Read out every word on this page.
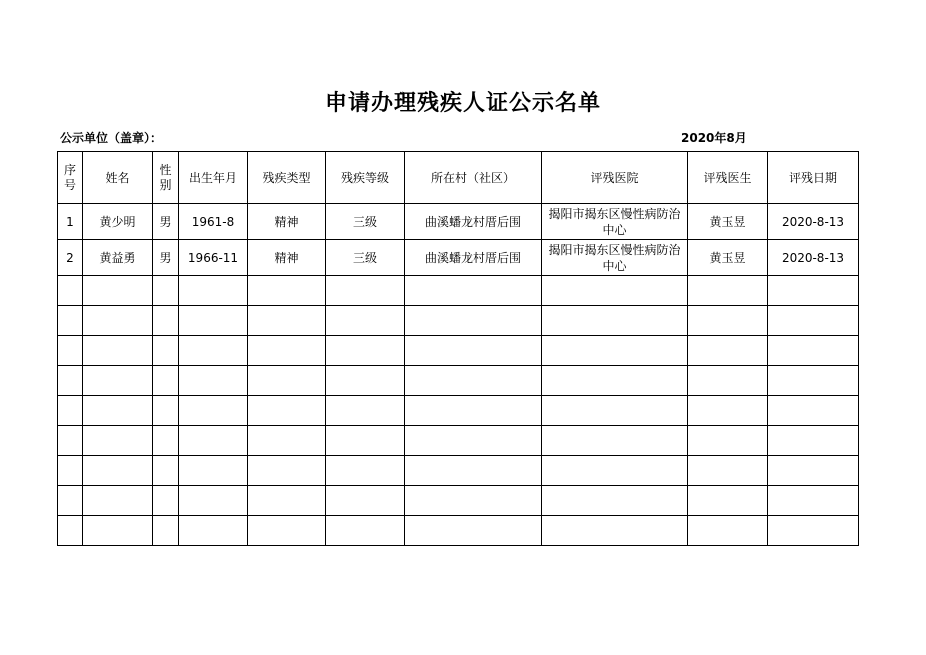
申请办理残疾人证公示名单
公示单位（盖章）：	2020年8月
序号	姓名	性别	出生年月	残疾类型	残疾等级	所在村（社区）	评残医院	评残医生	评残日期
1	黄少明	男	1961-8	精神	三级	曲溪蟠龙村厝后围	揭阳市揭东区慢性病防治中心	黄玉昱	2020-8-13
2	黄益勇	男	1966-11	精神	三级	曲溪蟠龙村厝后围	揭阳市揭东区慢性病防治中心	黄玉昱	2020-8-13
